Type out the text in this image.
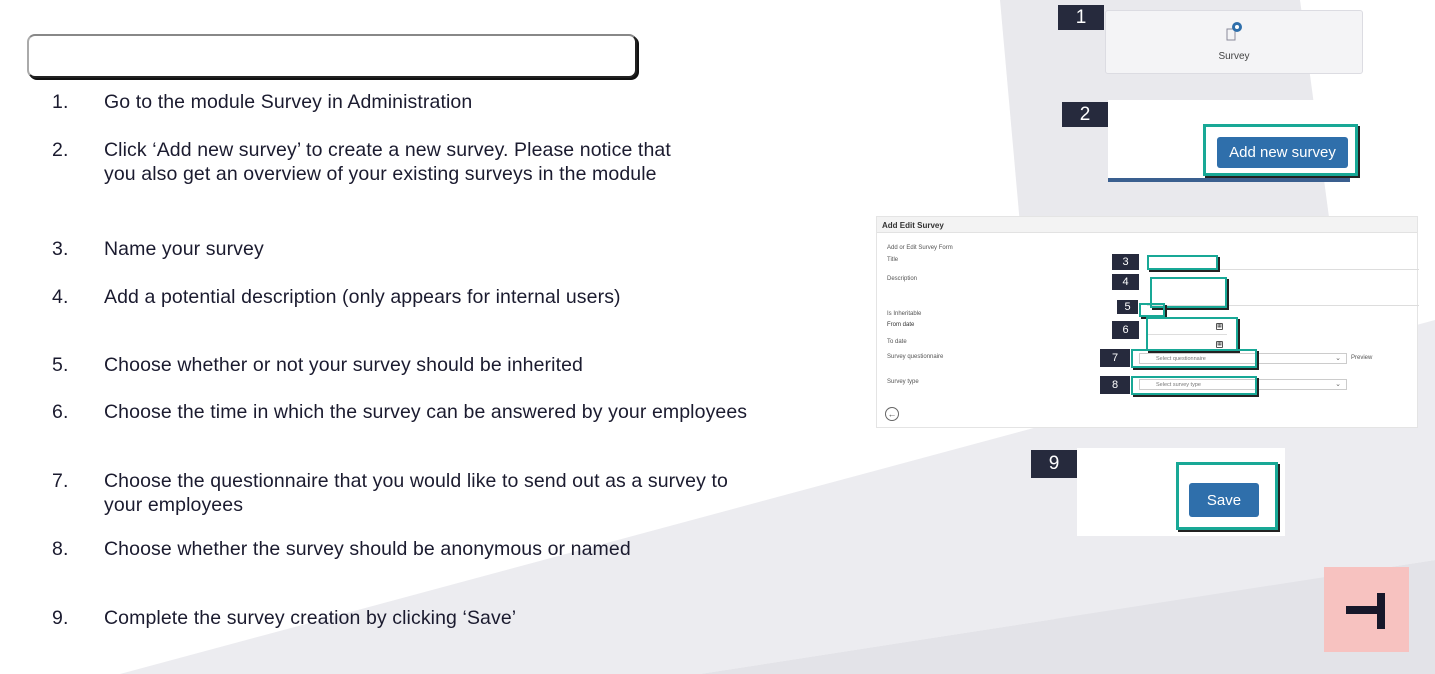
1.	Go to the module Survey in Administration
2.	Click ‘Add new survey’ to create a new survey. Please notice that you also get an overview of your existing surveys in the module
3.	Name your survey
4.	Add a potential description (only appears for internal users)
5.	Choose whether or not your survey should be inherited
6.	Choose the time in which the survey can be answered by your employees
7.	Choose the questionnaire that you would like to send out as a survey to your employees
8.	Choose whether the survey should be anonymous or named
9.	Complete the survey creation by clicking ‘Save’
1
Survey
2
Add new survey
Add Edit Survey
Add or Edit Survey Form
Title
Description
Is Inheritable
From date	▦
To date	▦
Survey questionnaire	Select questionnaire	⌄ Preview
Survey type	Select survey type	⌄
←
3
4
5
6
7
8
9
Save
